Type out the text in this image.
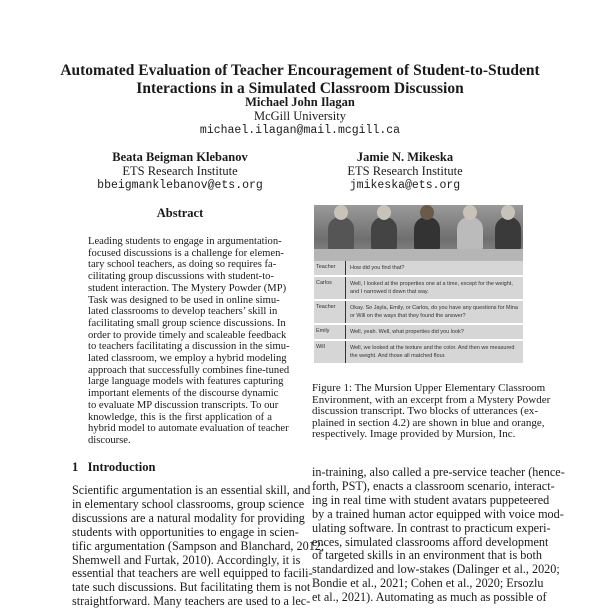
Automated Evaluation of Teacher Encouragement of Student-to-Student
Interactions in a Simulated Classroom Discussion
Michael John Ilagan
McGill University
michael.ilagan@mail.mcgill.ca
Beata Beigman Klebanov
ETS Research Institute
bbeigmanklebanov@ets.org
Jamie N. Mikeska
ETS Research Institute
jmikeska@ets.org
Abstract
Leading students to engage in argumentation-
focused discussions is a challenge for elemen-
tary school teachers, as doing so requires fa-
cilitating group discussions with student-to-
student interaction. The Mystery Powder (MP)
Task was designed to be used in online simu-
lated classrooms to develop teachers’ skill in
facilitating small group science discussions. In
order to provide timely and scaleable feedback
to teachers facilitating a discussion in the simu-
lated classroom, we employ a hybrid modeling
approach that successfully combines fine-tuned
large language models with features capturing
important elements of the discourse dynamic
to evaluate MP discussion transcripts. To our
knowledge, this is the first application of a
hybrid model to automate evaluation of teacher
discourse.
1   Introduction
Scientific argumentation is an essential skill, and
in elementary school classrooms, group science
discussions are a natural modality for providing
students with opportunities to engage in scien-
tific argumentation (Sampson and Blanchard, 2012;
Shemwell and Furtak, 2010). Accordingly, it is
essential that teachers are well equipped to facili-
tate such discussions. But facilitating them is not
straightforward. Many teachers are used to a lec-
in-training, also called a pre-service teacher (hence-
forth, PST), enacts a classroom scenario, interact-
ing in real time with student avatars puppeteered
by a trained human actor equipped with voice mod-
ulating software. In contrast to practicum experi-
ences, simulated classrooms afford development
of targeted skills in an environment that is both
standardized and low-stakes (Dalinger et al., 2020;
Bondie et al., 2021; Cohen et al., 2020; Ersozlu
et al., 2021). Automating as much as possible of
Teacher	How did you find that?
Carlos	Well, I looked at the properties one at a time, except for the weight, and I narrowed it down that way.
Teacher	Okay. So Jayla, Emily, or Carlos, do you have any questions for Mina or Will on the ways that they found the answer?
Emily	Well, yeah. Well, what properties did you look?
Will	Well, we looked at the texture and the color. And then we measured the weight. And those all matched flour.
Figure 1: The Mursion Upper Elementary Classroom
Environment, with an excerpt from a Mystery Powder
discussion transcript. Two blocks of utterances (ex-
plained in section 4.2) are shown in blue and orange,
respectively. Image provided by Mursion, Inc.
